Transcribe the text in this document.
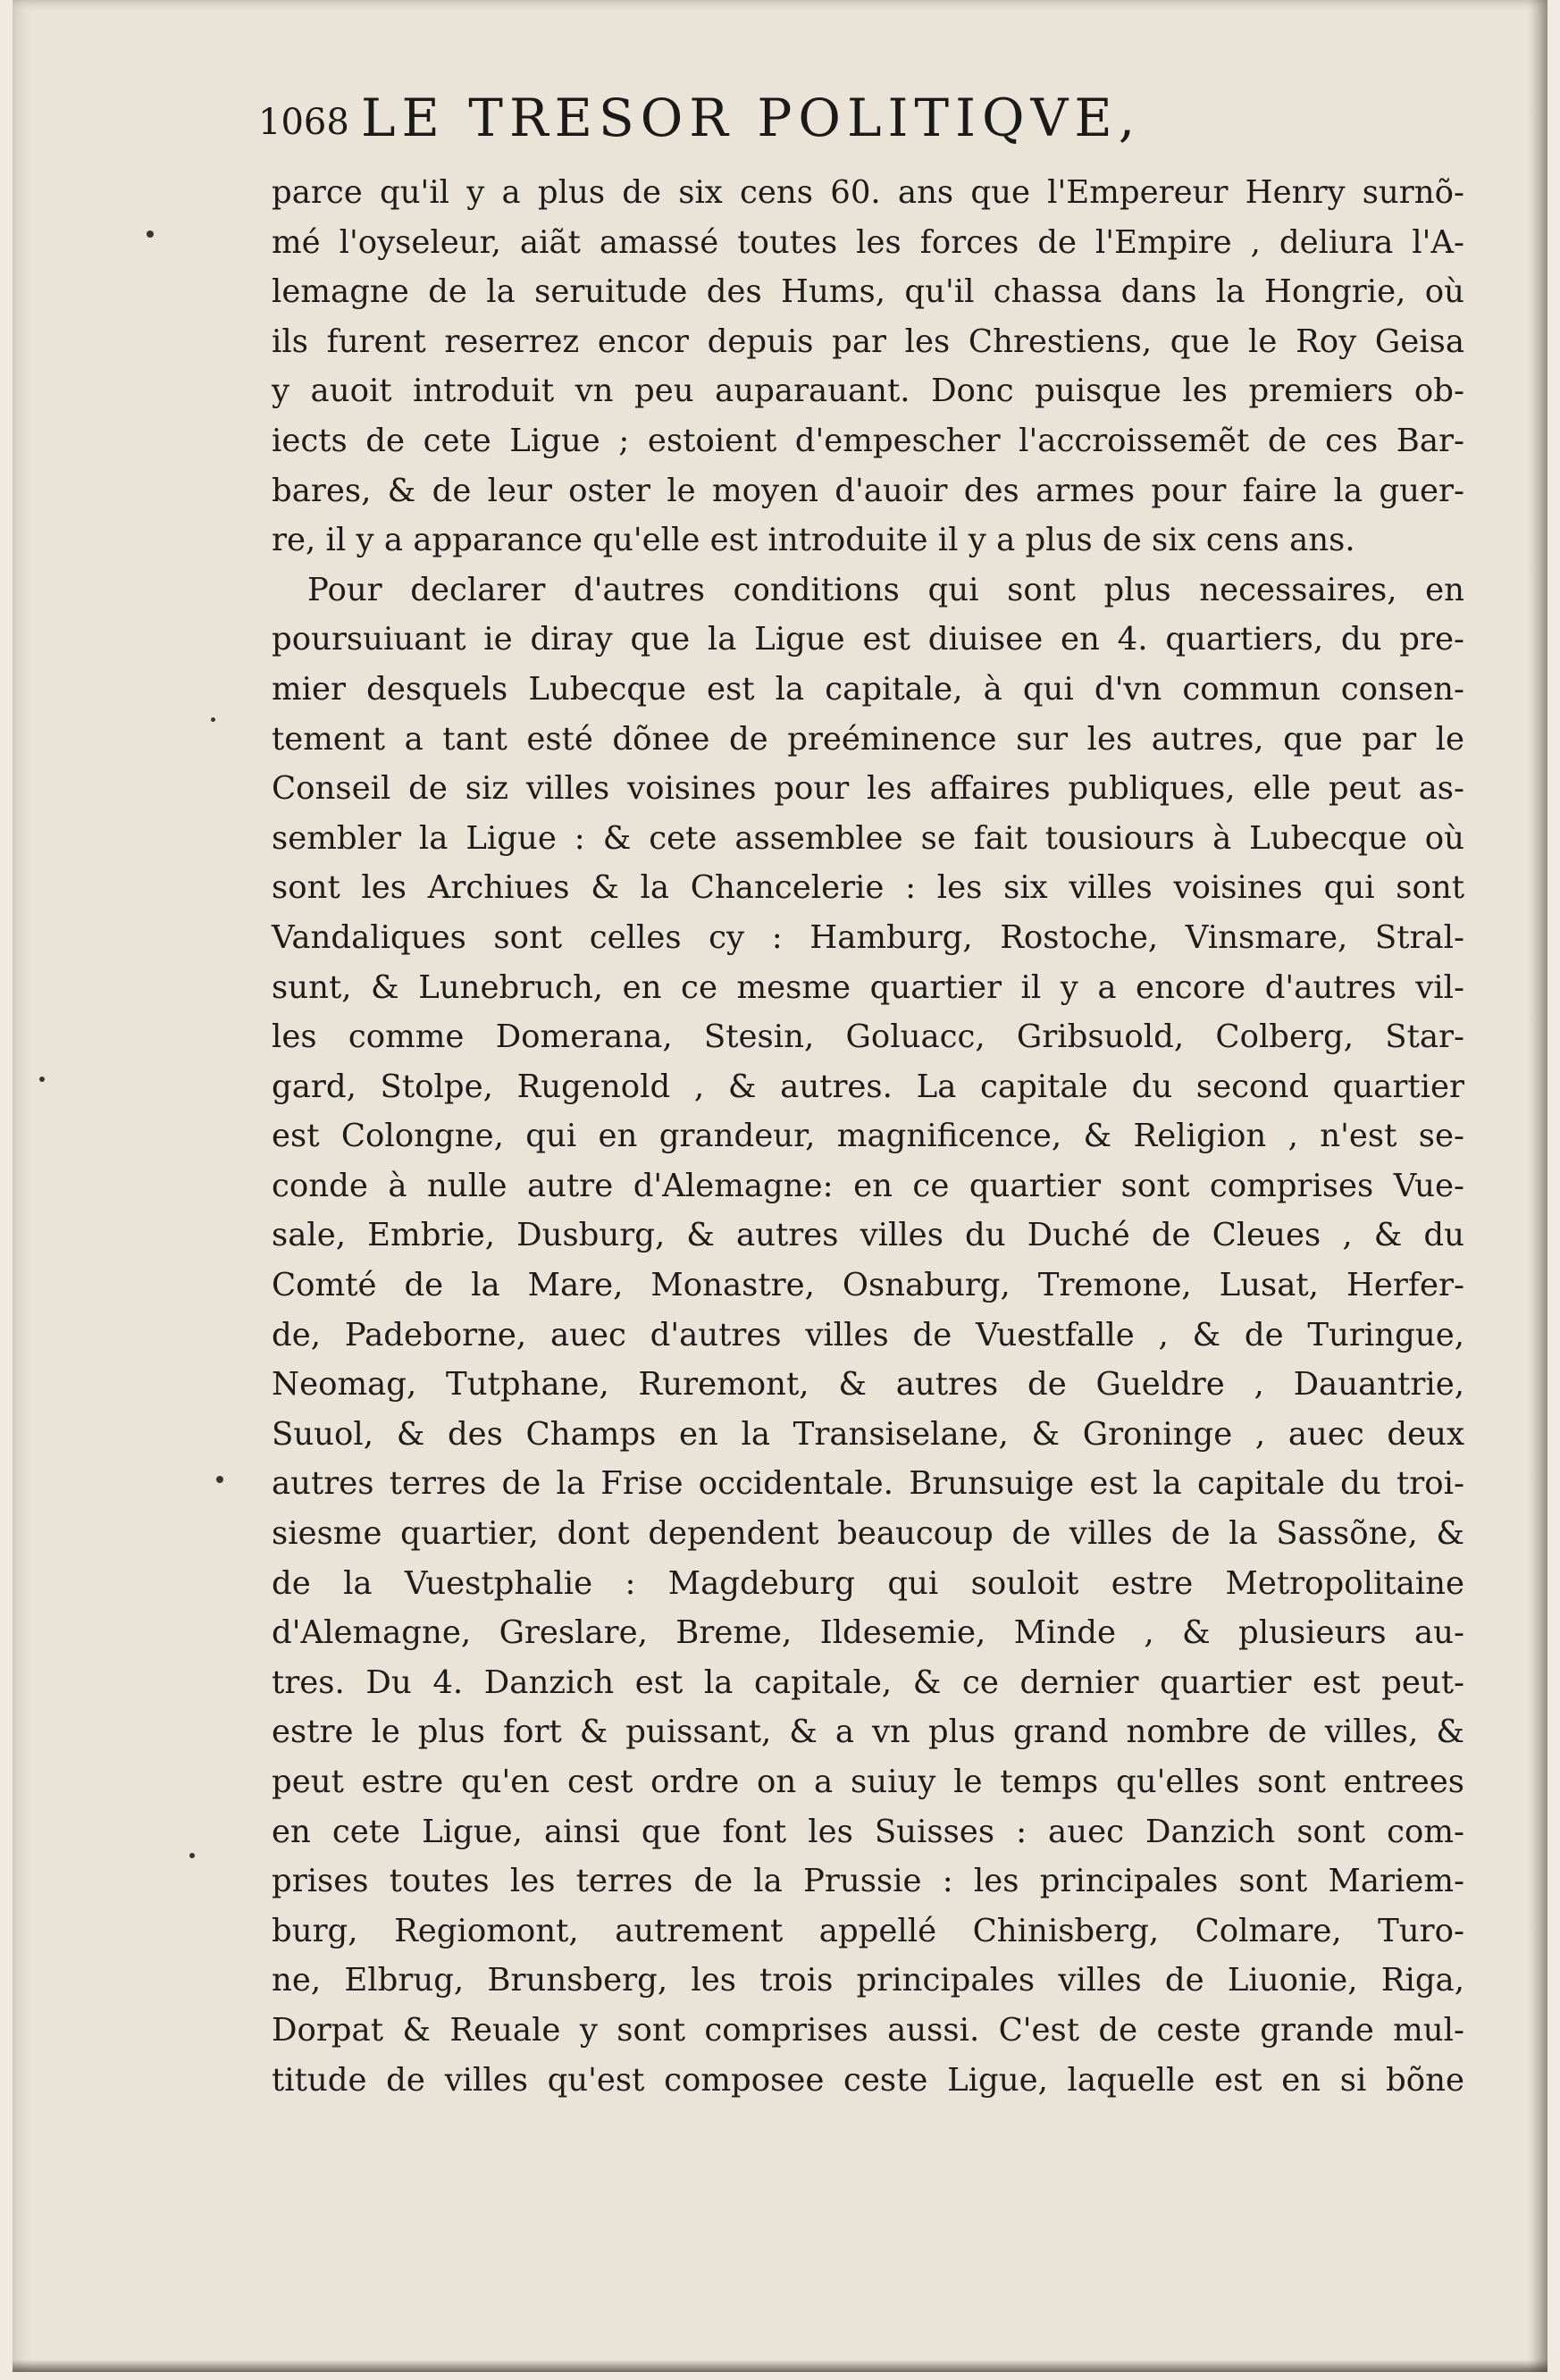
1068 LE TRESOR POLITIQVE,
parce qu'il y a plus de six cens 60. ans que l'Empereur Henry surnõ-
mé l'oyseleur, aiãt amassé toutes les forces de l'Empire , deliura l'A-
lemagne de la seruitude des Hums, qu'il chassa dans la Hongrie, où
ils furent reserrez encor depuis par les Chrestiens, que le Roy Geisa
y auoit introduit vn peu auparauant. Donc puisque les premiers ob-
iects de cete Ligue ; estoient d'empescher l'accroissemẽt de ces Bar-
bares, & de leur oster le moyen d'auoir des armes pour faire la guer-
re, il y a apparance qu'elle est introduite il y a plus de six cens ans.
Pour declarer d'autres conditions qui sont plus necessaires, en
poursuiuant ie diray que la Ligue est diuisee en 4. quartiers, du pre-
mier desquels Lubecque est la capitale, à qui d'vn commun consen-
tement a tant esté dõnee de preéminence sur les autres, que par le
Conseil de siz villes voisines pour les affaires publiques, elle peut as-
sembler la Ligue : & cete assemblee se fait tousiours à Lubecque où
sont les Archiues & la Chancelerie : les six villes voisines qui sont
Vandaliques sont celles cy : Hamburg, Rostoche, Vinsmare, Stral-
sunt, & Lunebruch, en ce mesme quartier il y a encore d'autres vil-
les comme Domerana, Stesin, Goluacc, Gribsuold, Colberg, Star-
gard, Stolpe, Rugenold , & autres. La capitale du second quartier
est Colongne, qui en grandeur, magnificence, & Religion , n'est se-
conde à nulle autre d'Alemagne: en ce quartier sont comprises Vue-
sale, Embrie, Dusburg, & autres villes du Duché de Cleues , & du
Comté de la Mare, Monastre, Osnaburg, Tremone, Lusat, Herfer-
de, Padeborne, auec d'autres villes de Vuestfalle , & de Turingue,
Neomag, Tutphane, Ruremont, & autres de Gueldre , Dauantrie,
Suuol, & des Champs en la Transiselane, & Groninge , auec deux
autres terres de la Frise occidentale. Brunsuige est la capitale du troi-
siesme quartier, dont dependent beaucoup de villes de la Sassõne, &
de la Vuestphalie : Magdeburg qui souloit estre Metropolitaine
d'Alemagne, Greslare, Breme, Ildesemie, Minde , & plusieurs au-
tres. Du 4. Danzich est la capitale, & ce dernier quartier est peut-
estre le plus fort & puissant, & a vn plus grand nombre de villes, &
peut estre qu'en cest ordre on a suiuy le temps qu'elles sont entrees
en cete Ligue, ainsi que font les Suisses : auec Danzich sont com-
prises toutes les terres de la Prussie : les principales sont Mariem-
burg, Regiomont, autrement appellé Chinisberg, Colmare, Turo-
ne, Elbrug, Brunsberg, les trois principales villes de Liuonie, Riga,
Dorpat & Reuale y sont comprises aussi. C'est de ceste grande mul-
titude de villes qu'est composee ceste Ligue, laquelle est en si bõne
